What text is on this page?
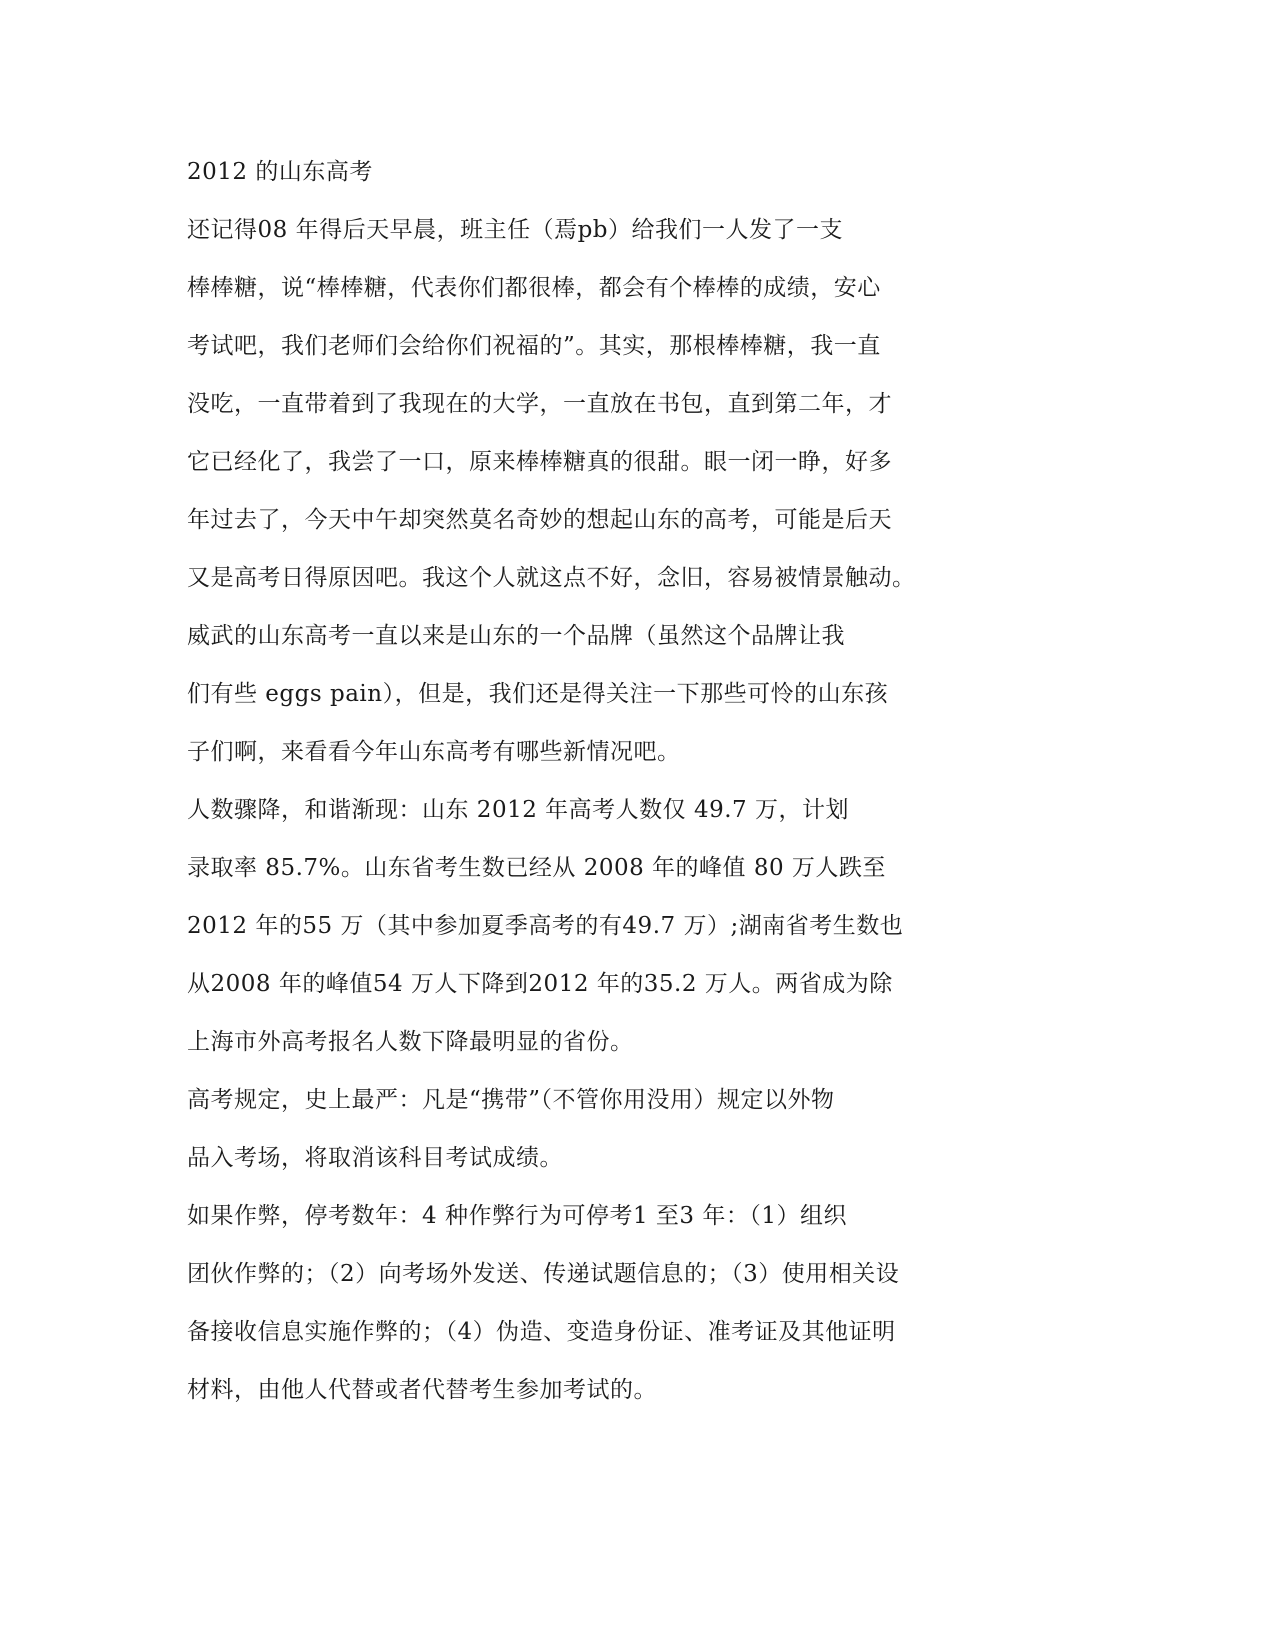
2012 的山东高考
还记得08 年得后天早晨，班主任（焉pb）给我们一人发了一支
棒棒糖，说“棒棒糖，代表你们都很棒，都会有个棒棒的成绩，安心
考试吧，我们老师们会给你们祝福的”。其实，那根棒棒糖，我一直
没吃，一直带着到了我现在的大学，一直放在书包，直到第二年，才
它已经化了，我尝了一口，原来棒棒糖真的很甜。眼一闭一睁，好多
年过去了，今天中午却突然莫名奇妙的想起山东的高考，可能是后天
又是高考日得原因吧。我这个人就这点不好，念旧，容易被情景触动。
威武的山东高考一直以来是山东的一个品牌（虽然这个品牌让我
们有些 eggs pain），但是，我们还是得关注一下那些可怜的山东孩
子们啊，来看看今年山东高考有哪些新情况吧。
人数骤降，和谐渐现：山东 2012 年高考人数仅 49.7 万，计划
录取率 85.7%。山东省考生数已经从 2008 年的峰值 80 万人跌至
2012 年的55 万（其中参加夏季高考的有49.7 万）;湖南省考生数也
从2008 年的峰值54 万人下降到2012 年的35.2 万人。两省成为除
上海市外高考报名人数下降最明显的省份。
高考规定，史上最严：凡是“携带”（不管你用没用）规定以外物
品入考场，将取消该科目考试成绩。
如果作弊，停考数年：4 种作弊行为可停考1 至3 年：（1）组织
团伙作弊的；（2）向考场外发送、传递试题信息的；（3）使用相关设
备接收信息实施作弊的；（4）伪造、变造身份证、准考证及其他证明
材料，由他人代替或者代替考生参加考试的。
